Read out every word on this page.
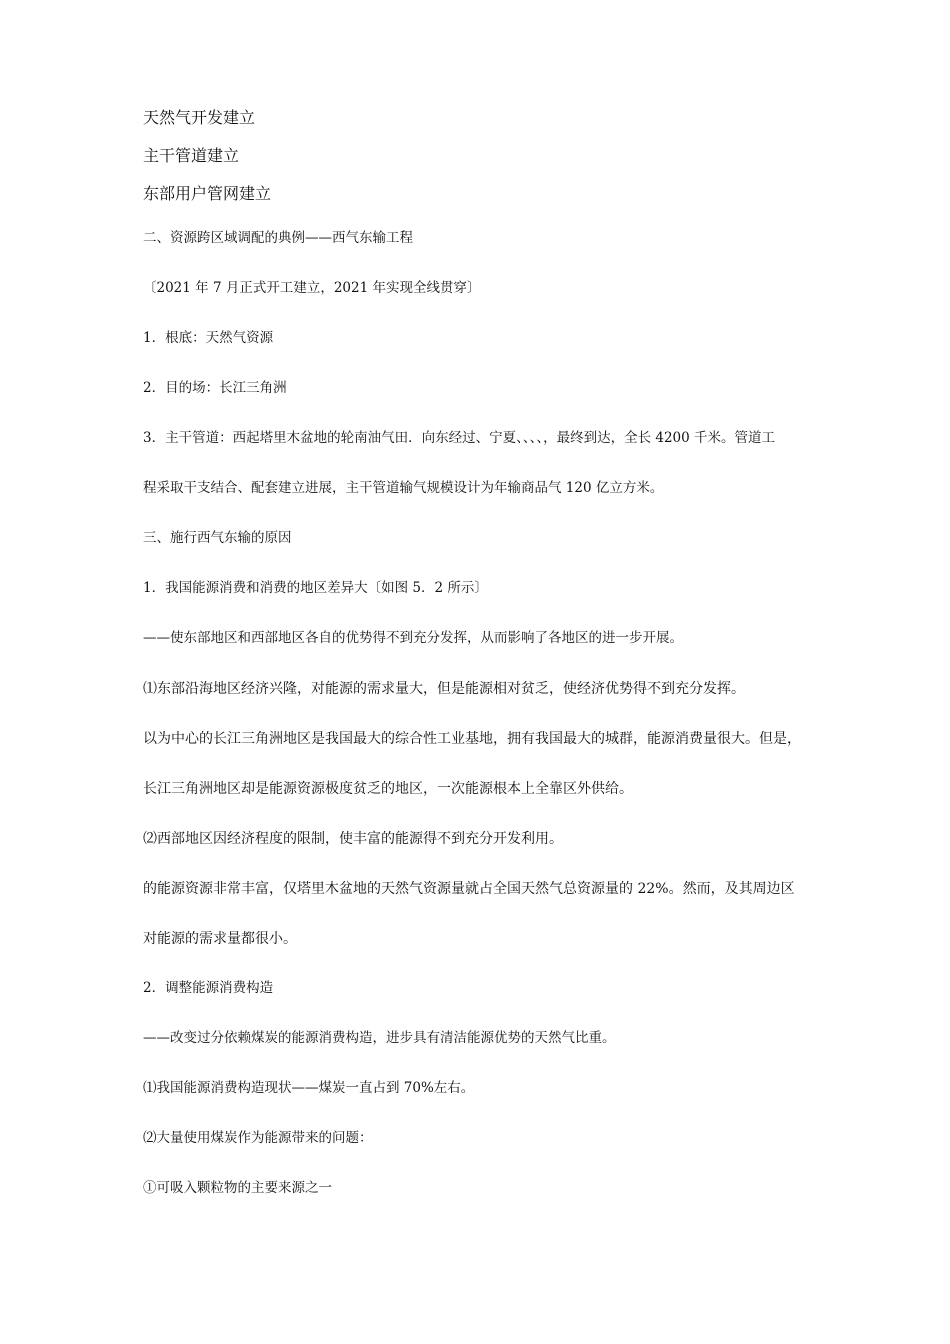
天然气开发建立
主干管道建立
东部用户管网建立
二、资源跨区域调配的典例——西气东输工程
〔2021 年 7 月正式开工建立，2021 年实现全线贯穿〕
1．根底：天然气资源
2．目的场：长江三角洲
3．主干管道：西起塔里木盆地的轮南油气田．向东经过、宁夏、、、、，最终到达，全长 4200 千米。管道工
程采取干支结合、配套建立进展，主干管道输气规模设计为年输商品气 120 亿立方米。
三、施行西气东输的原因
1．我国能源消费和消费的地区差异大〔如图 5．2 所示〕
——使东部地区和西部地区各自的优势得不到充分发挥，从而影响了各地区的进一步开展。
⑴东部沿海地区经济兴隆，对能源的需求量大，但是能源相对贫乏，使经济优势得不到充分发挥。
以为中心的长江三角洲地区是我国最大的综合性工业基地，拥有我国最大的城群，能源消费量很大。但是，
长江三角洲地区却是能源资源极度贫乏的地区，一次能源根本上全靠区外供给。
⑵西部地区因经济程度的限制，使丰富的能源得不到充分开发利用。
的能源资源非常丰富，仅塔里木盆地的天然气资源量就占全国天然气总资源量的 22%。然而，及其周边区
对能源的需求量都很小。
2．调整能源消费构造
——改变过分依赖煤炭的能源消费构造，进步具有清洁能源优势的天然气比重。
⑴我国能源消费构造现状——煤炭一直占到 70%左右。
⑵大量使用煤炭作为能源带来的问题：
①可吸入颗粒物的主要来源之一
